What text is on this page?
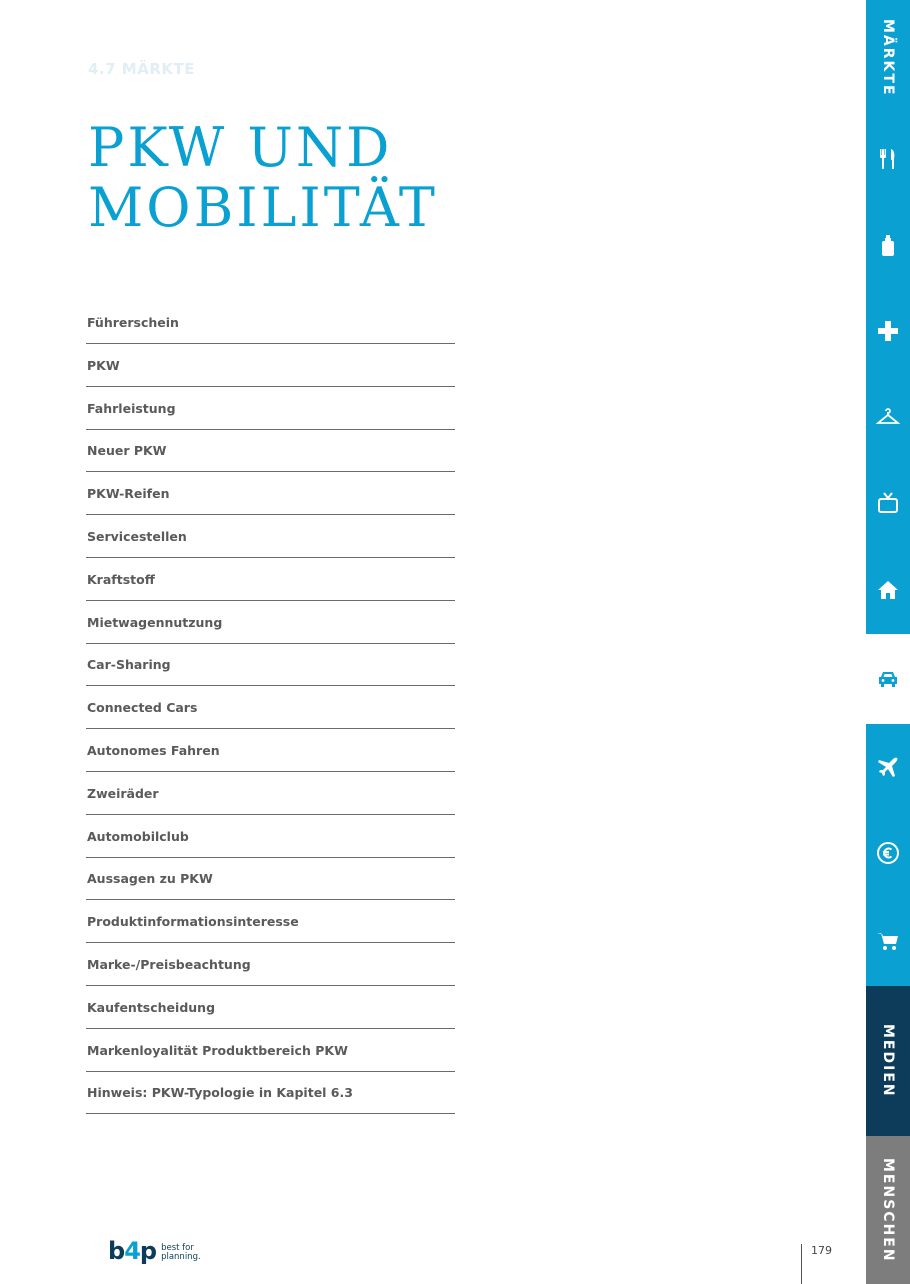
4.7 MÄRKTE
PKW UND
MOBILITÄT
Führerschein
PKW
Fahrleistung
Neuer PKW
PKW-Reifen
Servicestellen
Kraftstoff
Mietwagennutzung
Car-Sharing
Connected Cars
Autonomes Fahren
Zweiräder
Automobilclub
Aussagen zu PKW
Produktinformationsinteresse
Marke-/Preisbeachtung
Kaufentscheidung
Markenloyalität Produktbereich PKW
Hinweis: PKW-Typologie in Kapitel 6.3
MÄRKTE
MEDIEN
MENSCHEN
b4p best for
planning.	179
